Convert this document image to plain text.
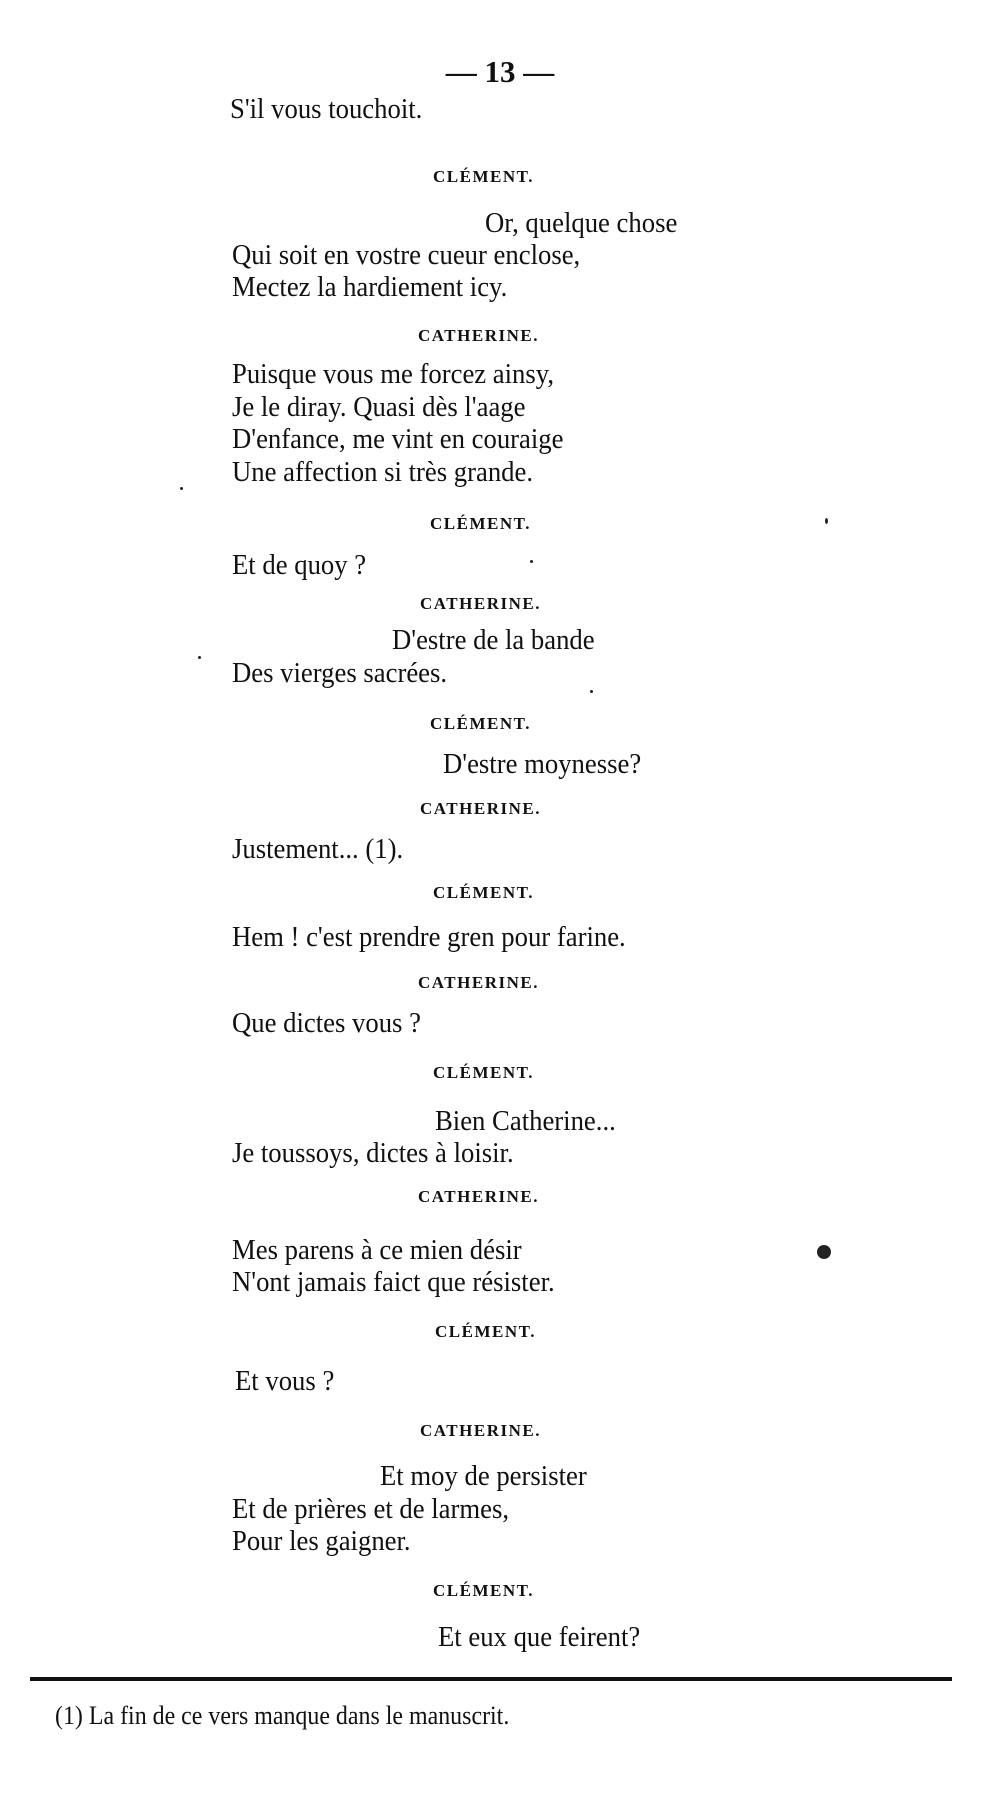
— 13 —
S'il vous touchoit.
CLÉMENT.
Or, quelque chose
Qui soit en vostre cueur enclose,
Mectez la hardiement icy.
CATHERINE.
Puisque vous me forcez ainsy,
Je le diray. Quasi dès l'aage
D'enfance, me vint en couraige
Une affection si très grande.
CLÉMENT.
Et de quoy ?
CATHERINE.
D'estre de la bande
Des vierges sacrées.
CLÉMENT.
D'estre moynesse?
CATHERINE.
Justement... (1).
CLÉMENT.
Hem ! c'est prendre gren pour farine.
CATHERINE.
Que dictes vous ?
CLÉMENT.
Bien Catherine...
Je toussoys, dictes à loisir.
CATHERINE.
Mes parens à ce mien désir
N'ont jamais faict que résister.
CLÉMENT.
Et vous ?
CATHERINE.
Et moy de persister
Et de prières et de larmes,
Pour les gaigner.
CLÉMENT.
Et eux que feirent?
(1) La fin de ce vers manque dans le manuscrit.
